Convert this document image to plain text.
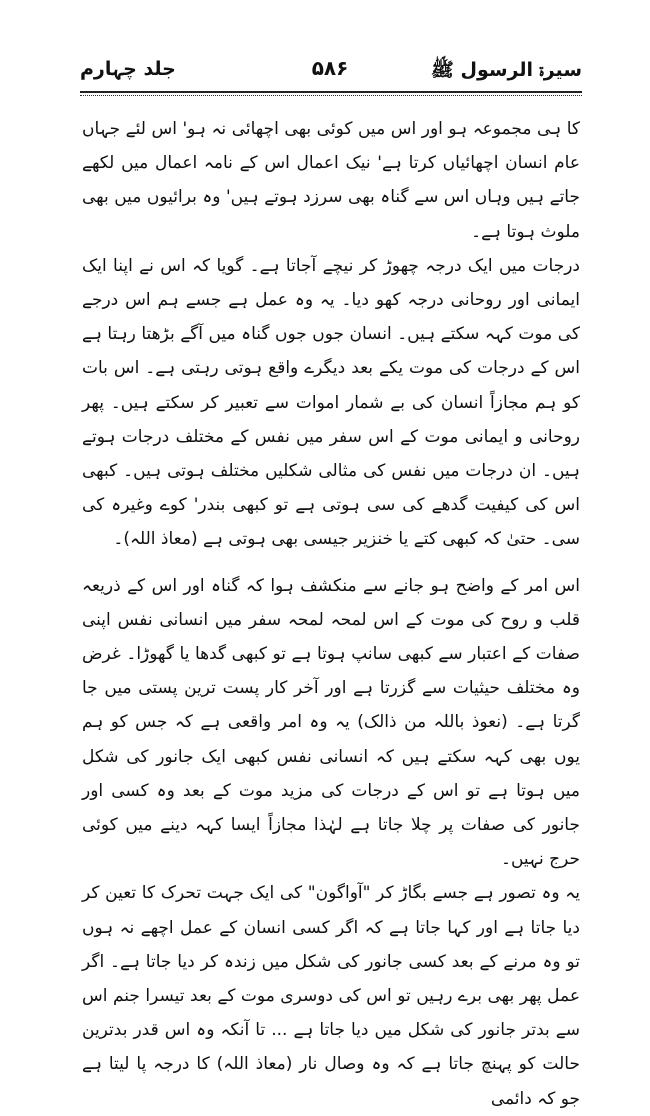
سیرۃ الرسول ﷺ
۵۸۶
جلد چہارم

کا ہی مجموعہ ہو اور اس میں کوئی بھی اچھائی نہ ہو' اس لئے جہاں عام انسان اچھائیاں کرتا ہے' نیک اعمال اس کے نامہ اعمال میں لکھے جاتے ہیں وہاں اس سے گناہ بھی سرزد ہوتے ہیں' وہ برائیوں میں بھی ملوث ہوتا ہے۔

درجات میں ایک درجہ چھوڑ کر نیچے آجاتا ہے۔ گویا کہ اس نے اپنا ایک ایمانی اور روحانی درجہ کھو دیا۔ یہ وہ عمل ہے جسے ہم اس درجے کی موت کہہ سکتے ہیں۔ انسان جوں جوں گناہ میں آگے بڑھتا رہتا ہے اس کے درجات کی موت یکے بعد دیگرے واقع ہوتی رہتی ہے۔ اس بات کو ہم مجازاً انسان کی بے شمار اموات سے تعبیر کر سکتے ہیں۔ پھر روحانی و ایمانی موت کے اس سفر میں نفس کے مختلف درجات ہوتے ہیں۔ ان درجات میں نفس کی مثالی شکلیں مختلف ہوتی ہیں۔ کبھی اس کی کیفیت گدھے کی سی ہوتی ہے تو کبھی بندر' کوے وغیرہ کی سی۔ حتیٰ کہ کبھی کتے یا خنزیر جیسی بھی ہوتی ہے (معاذ اللہ)۔

اس امر کے واضح ہو جانے سے منکشف ہوا کہ گناہ اور اس کے ذریعہ قلب و روح کی موت کے اس لمحہ لمحہ سفر میں انسانی نفس اپنی صفات کے اعتبار سے کبھی سانپ ہوتا ہے تو کبھی گدھا یا گھوڑا۔ غرض وہ مختلف حیثیات سے گزرتا ہے اور آخر کار پست ترین پستی میں جا گرتا ہے۔ (نعوذ باللہ من ذالک) یہ وہ امر واقعی ہے کہ جس کو ہم یوں بھی کہہ سکتے ہیں کہ انسانی نفس کبھی ایک جانور کی شکل میں ہوتا ہے تو اس کے درجات کی مزید موت کے بعد وہ کسی اور جانور کی صفات پر چلا جاتا ہے لہٰذا مجازاً ایسا کہہ دینے میں کوئی حرج نہیں۔

یہ وہ تصور ہے جسے بگاڑ کر "آواگون" کی ایک جہت تحرک کا تعین کر دیا جاتا ہے اور کہا جاتا ہے کہ اگر کسی انسان کے عمل اچھے نہ ہوں تو وہ مرنے کے بعد کسی جانور کی شکل میں زندہ کر دیا جاتا ہے۔ اگر عمل پھر بھی برے رہیں تو اس کی دوسری موت کے بعد تیسرا جنم اس سے بدتر جانور کی شکل میں دیا جاتا ہے ... تا آنکہ وہ اس قدر بدترین حالت کو پہنچ جاتا ہے کہ وہ وصال نار (معاذ اللہ) کا درجہ پا لیتا ہے جو کہ دائمی
